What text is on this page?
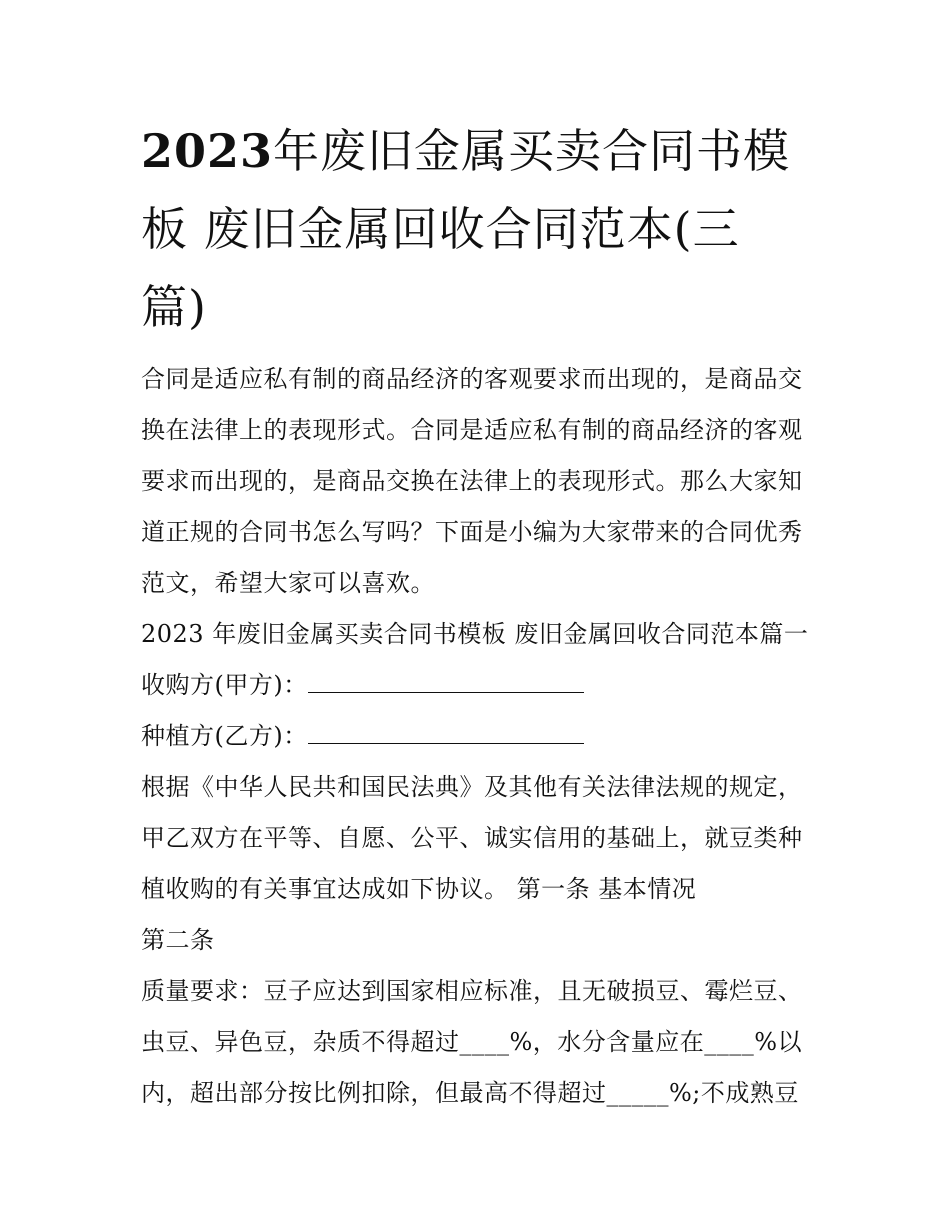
2023年废旧金属买卖合同书模
板 废旧金属回收合同范本(三
篇)

合同是适应私有制的商品经济的客观要求而出现的，是商品交
换在法律上的表现形式。合同是适应私有制的商品经济的客观
要求而出现的，是商品交换在法律上的表现形式。那么大家知
道正规的合同书怎么写吗？下面是小编为大家带来的合同优秀
范文，希望大家可以喜欢。

2023 年废旧金属买卖合同书模板 废旧金属回收合同范本篇一

收购方(甲方)：

种植方(乙方)：

根据《中华人民共和国民法典》及其他有关法律法规的规定，
甲乙双方在平等、自愿、公平、诚实信用的基础上，就豆类种
植收购的有关事宜达成如下协议。 第一条 基本情况

第二条

质量要求：豆子应达到国家相应标准，且无破损豆、霉烂豆、
虫豆、异色豆，杂质不得超过____%，水分含量应在____%以
内，超出部分按比例扣除，但最高不得超过_____%;不成熟豆
